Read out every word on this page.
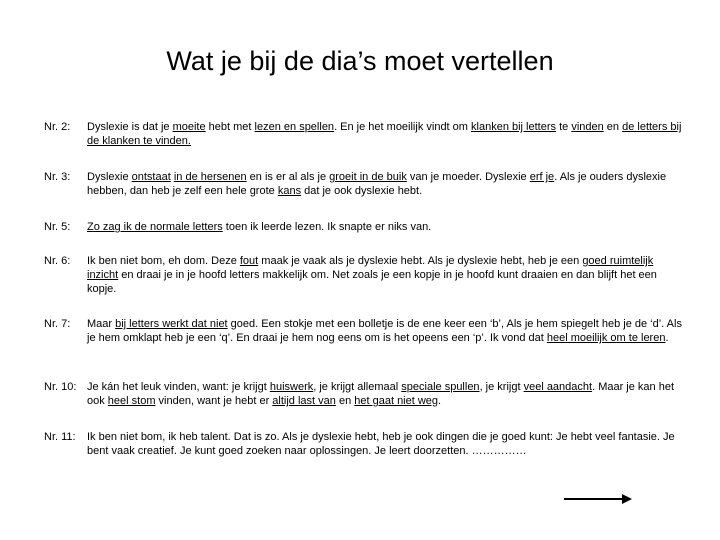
Wat je bij de dia’s moet vertellen
Nr. 2:	Dyslexie is dat je moeite hebt met lezen en spellen. En je het moeilijk vindt om klanken bij letters te vinden en de letters bij de klanken te vinden.
Nr. 3:	Dyslexie ontstaat in de hersenen en is er al als je groeit in de buik van je moeder. Dyslexie erf je. Als je ouders dyslexie hebben, dan heb je zelf een hele grote kans dat je ook dyslexie hebt.
Nr. 5:	Zo zag ik de normale letters toen ik leerde lezen. Ik snapte er niks van.
Nr. 6:	Ik ben niet bom, eh dom. Deze fout maak je vaak als je dyslexie hebt. Als je dyslexie hebt, heb je een goed ruimtelijk inzicht en draai je in je hoofd letters makkelijk om. Net zoals je een kopje in je hoofd kunt draaien en dan blijft het een kopje.
Nr. 7:	Maar bij letters werkt dat niet goed. Een stokje met een bolletje is de ene keer een ‘b’, Als je hem spiegelt heb je de ‘d’. Als je hem omklapt heb je een ‘q’. En draai je hem nog eens om is het opeens een ‘p’. Ik vond dat heel moeilijk om te leren.
Nr. 10: Je kán het leuk vinden, want: je krijgt huiswerk, je krijgt allemaal speciale spullen, je krijgt veel aandacht. Maar je kan het ook heel stom vinden, want je hebt er altijd last van en het gaat niet weg.
Nr. 11:	Ik ben niet bom, ik heb talent. Dat is zo. Als je dyslexie hebt, heb je ook dingen die je goed kunt: Je hebt veel fantasie. Je bent vaak creatief. Je kunt goed zoeken naar oplossingen. Je leert doorzetten. ……………
